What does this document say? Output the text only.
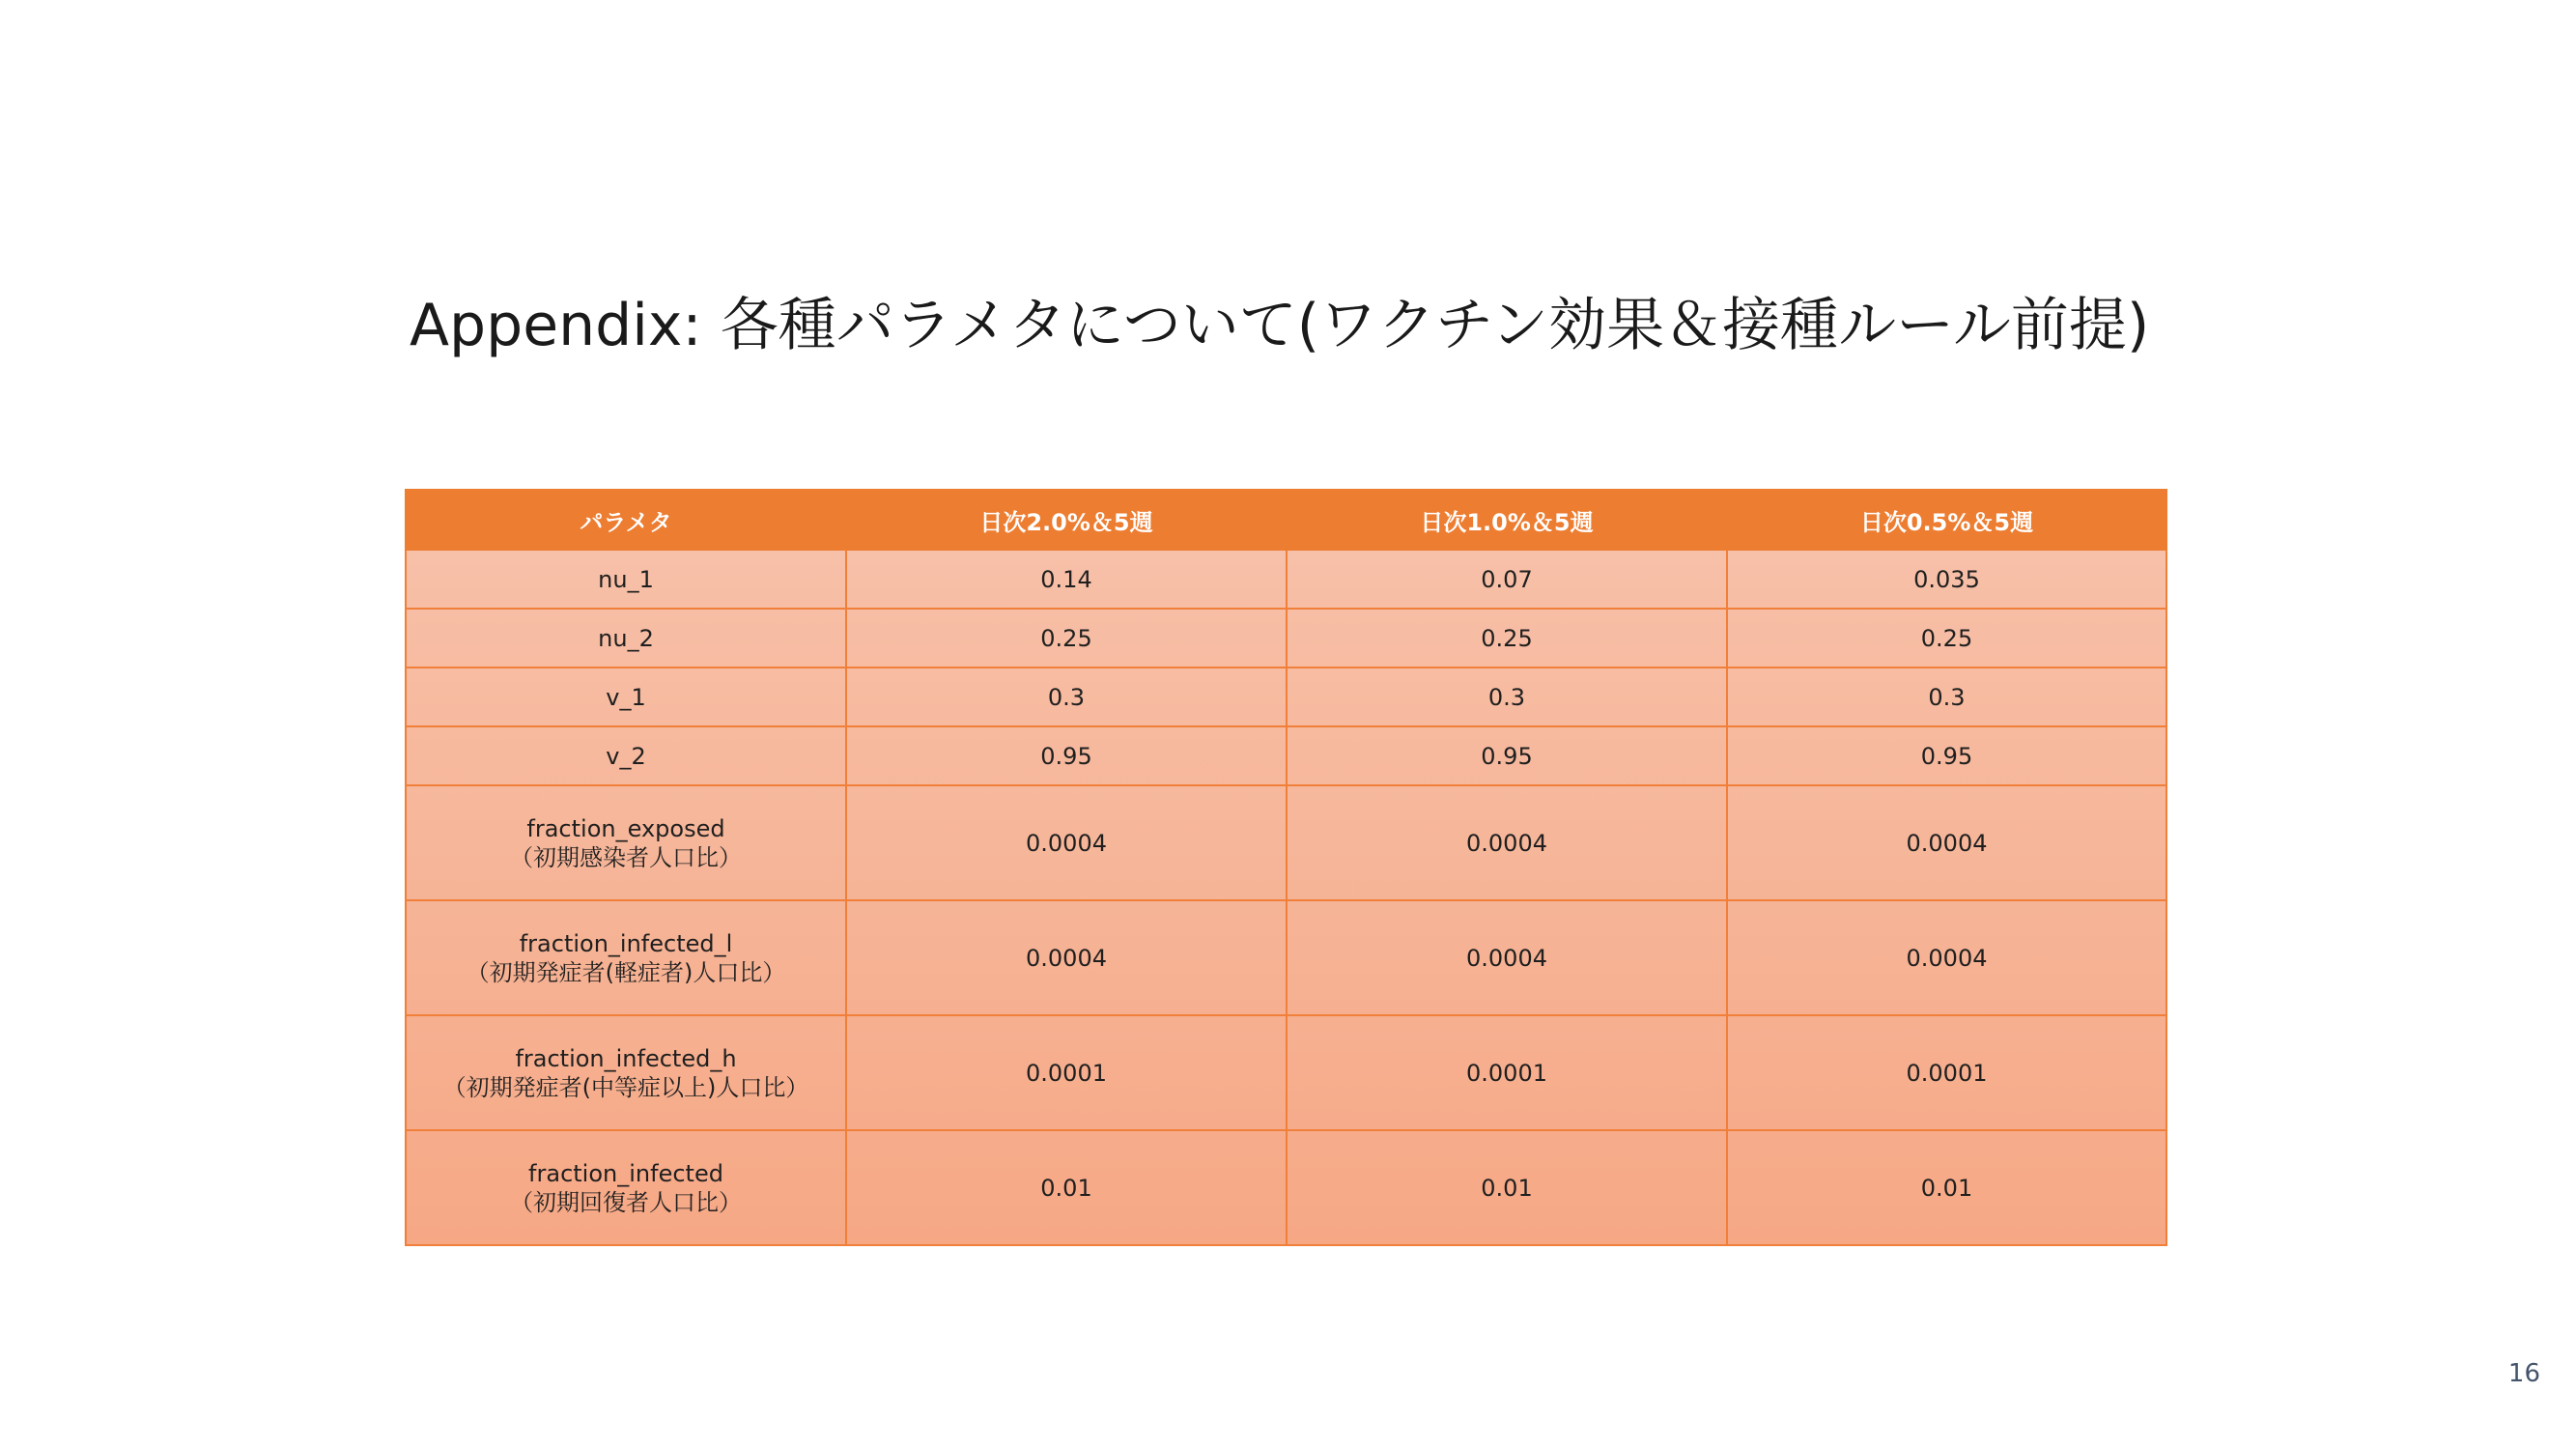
Appendix: 各種パラメタについて(ワクチン効果＆接種ルール前提)
パラメタ	日次2.0%＆5週	日次1.0%＆5週	日次0.5%＆5週

nu_1	0.14	0.07	0.035

nu_2	0.25	0.25	0.25

v_1	0.3	0.3	0.3

v_2	0.95	0.95	0.95

fraction_exposed
（初期感染者人口比）	0.0004	0.0004	0.0004

fraction_infected_l
（初期発症者(軽症者)人口比）	0.0004	0.0004	0.0004

fraction_infected_h
（初期発症者(中等症以上)人口比）	0.0001	0.0001	0.0001

fraction_infected
（初期回復者人口比）	0.01	0.01	0.01
16
